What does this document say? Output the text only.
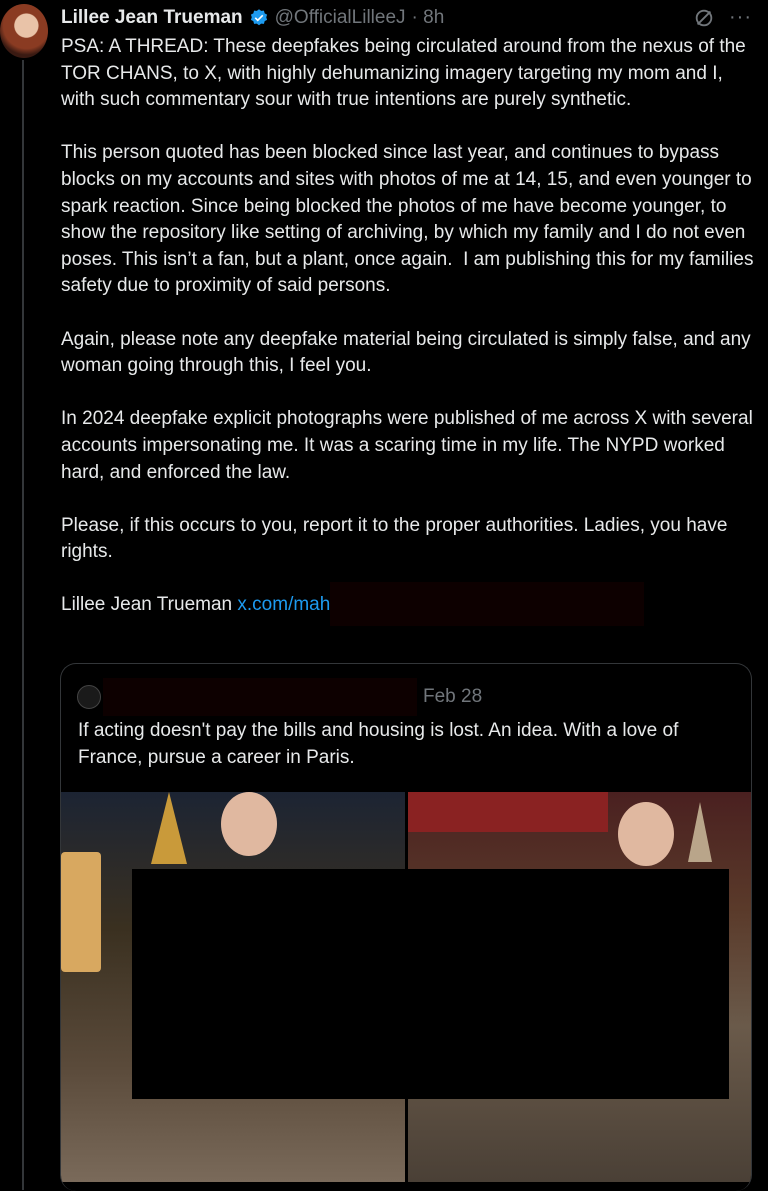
Lillee Jean Trueman @OfficialLilleeJ · 8h	···
PSA: A THREAD: These deepfakes being circulated around from the nexus of the TOR CHANS, to X, with highly dehumanizing imagery targeting my mom and I, with such commentary sour with true intentions are purely synthetic.

This person quoted has been blocked since last year, and continues to bypass blocks on my accounts and sites with photos of me at 14, 15, and even younger to spark reaction. Since being blocked the photos of me have become younger, to show the repository like setting of archiving, by which my family and I do not even poses. This isn’t a fan, but a plant, once again.  I am publishing this for my families safety due to proximity of said persons.

Again, please note any deepfake material being circulated is simply false, and any woman going through this, I feel you.

In 2024 deepfake explicit photographs were published of me across X with several accounts impersonating me. It was a scaring time in my life. The NYPD worked hard, and enforced the law.

Please, if this occurs to you, report it to the proper authorities. Ladies, you have rights.

Lillee Jean Trueman x.com/mah
Feb 28
If acting doesn't pay the bills and housing is lost. An idea. With a love of France, pursue a career in Paris.
